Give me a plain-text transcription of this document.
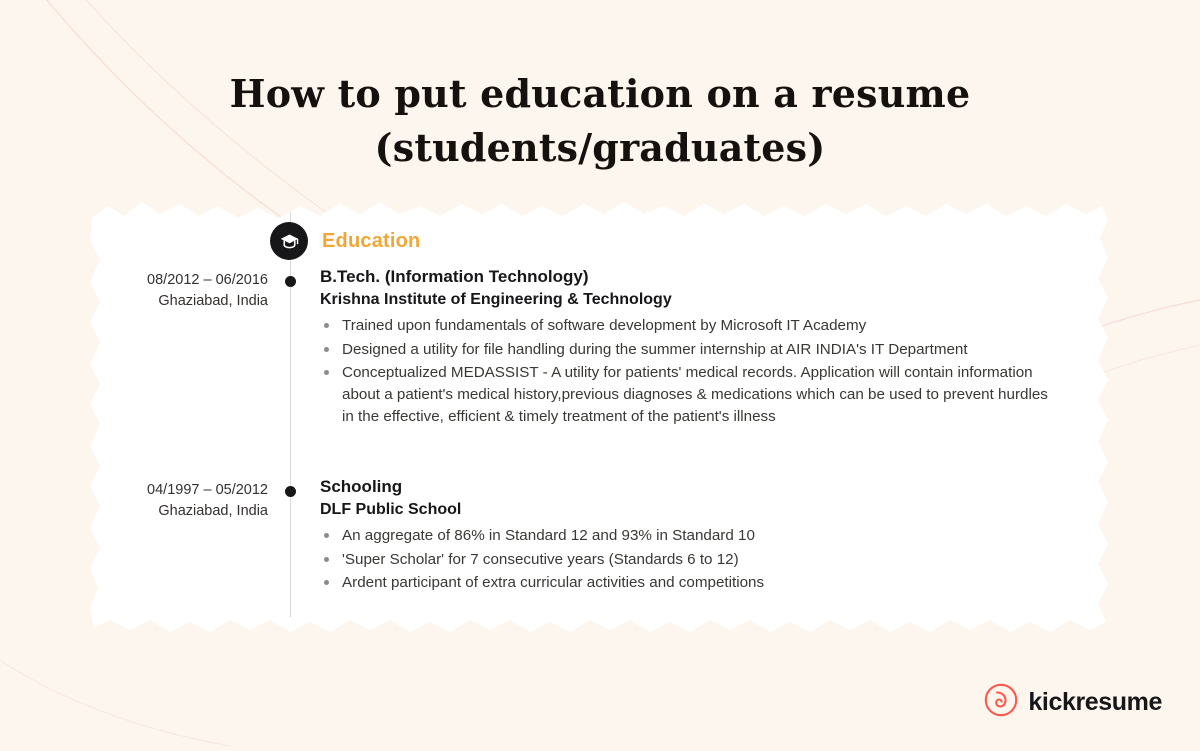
How to put education on a resume
(students/graduates)
Education
08/2012 – 06/2016
Ghaziabad, India
B.Tech. (Information Technology)
Krishna Institute of Engineering & Technology
Trained upon fundamentals of software development by Microsoft IT Academy
Designed a utility for file handling during the summer internship at AIR INDIA's IT Department
Conceptualized MEDASSIST - A utility for patients' medical records. Application will contain information about a patient's medical history,previous diagnoses & medications which can be used to prevent hurdles in the effective, efficient & timely treatment of the patient's illness
04/1997 – 05/2012
Ghaziabad, India
Schooling
DLF Public School
An aggregate of 86% in Standard 12 and 93% in Standard 10
'Super Scholar' for 7 consecutive years (Standards 6 to 12)
Ardent participant of extra curricular activities and competitions
kickresume
